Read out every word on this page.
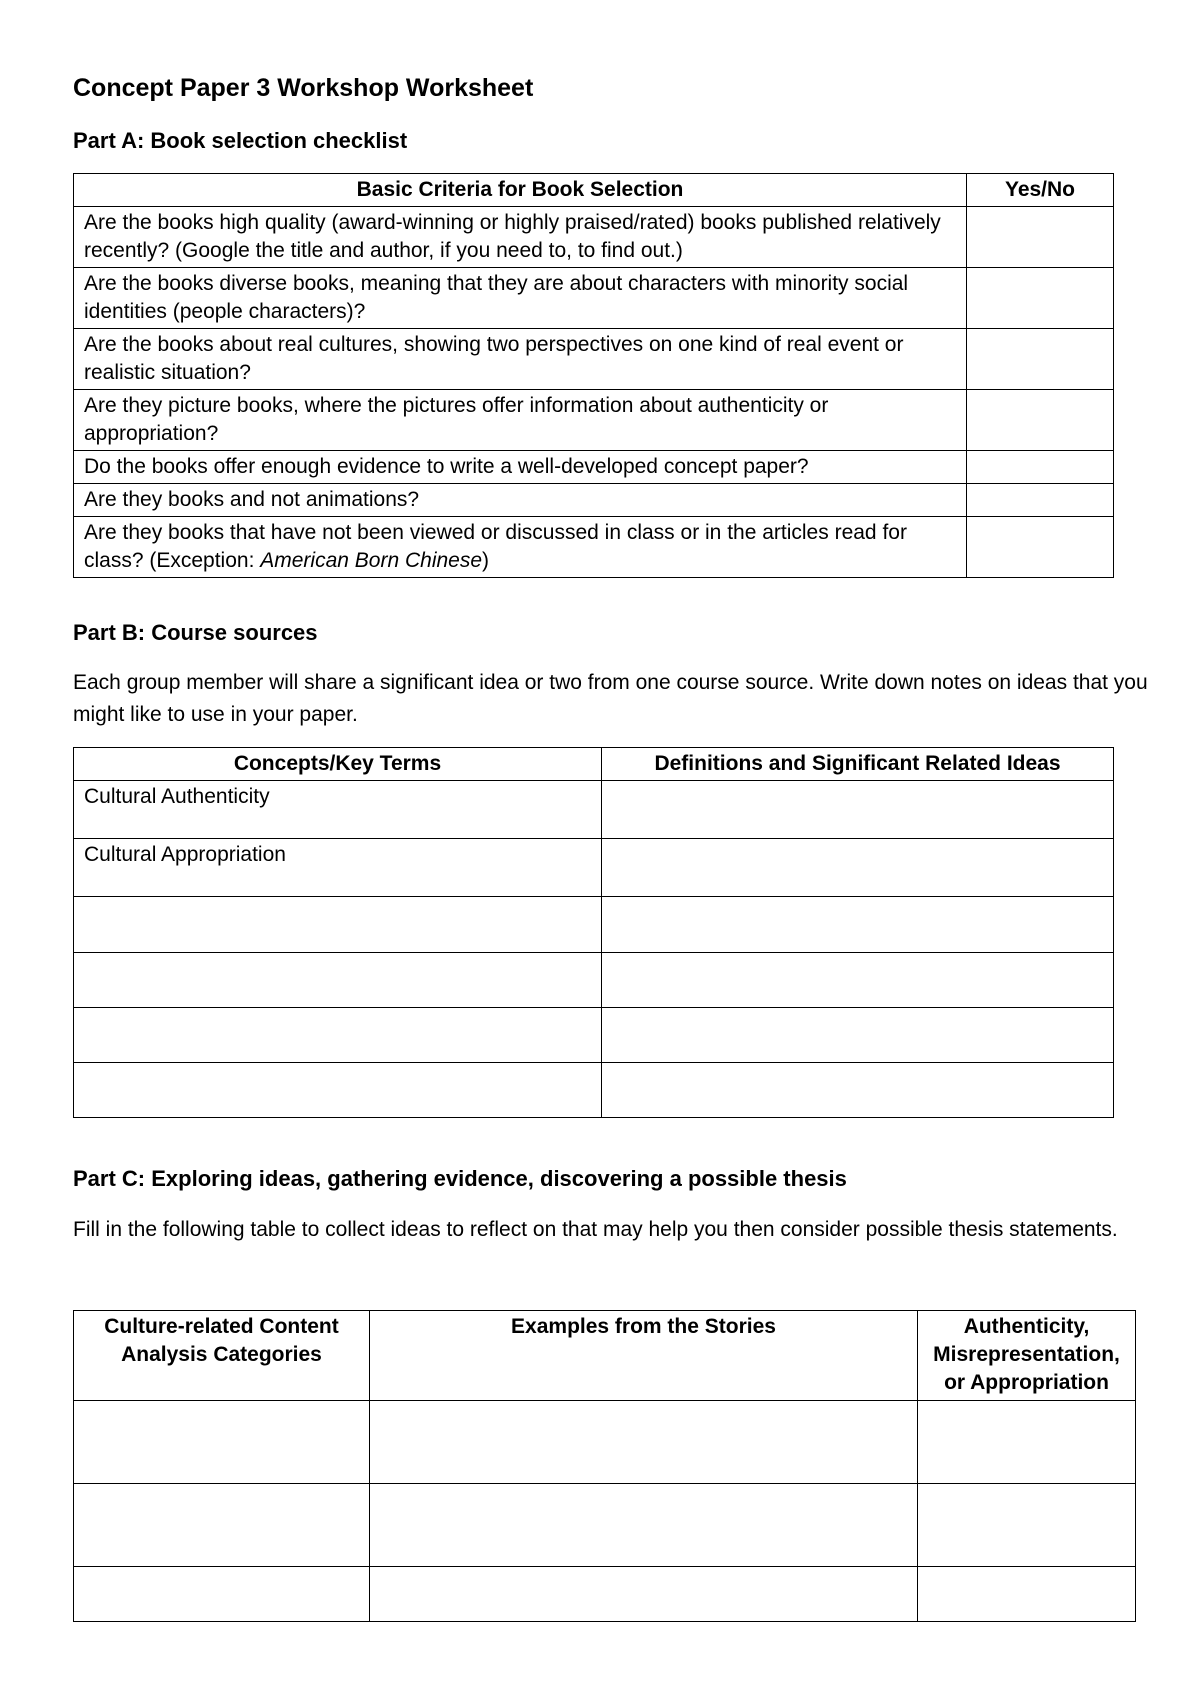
Concept Paper 3 Workshop Worksheet

Part A: Book selection checklist

Basic Criteria for Book Selection	Yes/No
Are the books high quality (award-winning or highly praised/rated) books published relatively recently? (Google the title and author, if you need to, to find out.)	
Are the books diverse books, meaning that they are about characters with minority social identities (people characters)?	
Are the books about real cultures, showing two perspectives on one kind of real event or realistic situation?	
Are they picture books, where the pictures offer information about authenticity or appropriation?	
Do the books offer enough evidence to write a well-developed concept paper?	
Are they books and not animations?	
Are they books that have not been viewed or discussed in class or in the articles read for class? (Exception: American Born Chinese)	

Part B: Course sources

Each group member will share a significant idea or two from one course source. Write down notes on ideas that you might like to use in your paper.

Concepts/Key Terms	Definitions and Significant Related Ideas
Cultural Authenticity	
Cultural Appropriation	

Part C: Exploring ideas, gathering evidence, discovering a possible thesis

Fill in the following table to collect ideas to reflect on that may help you then consider possible thesis statements.

Culture-related Content Analysis Categories	Examples from the Stories	Authenticity, Misrepresentation, or Appropriation
